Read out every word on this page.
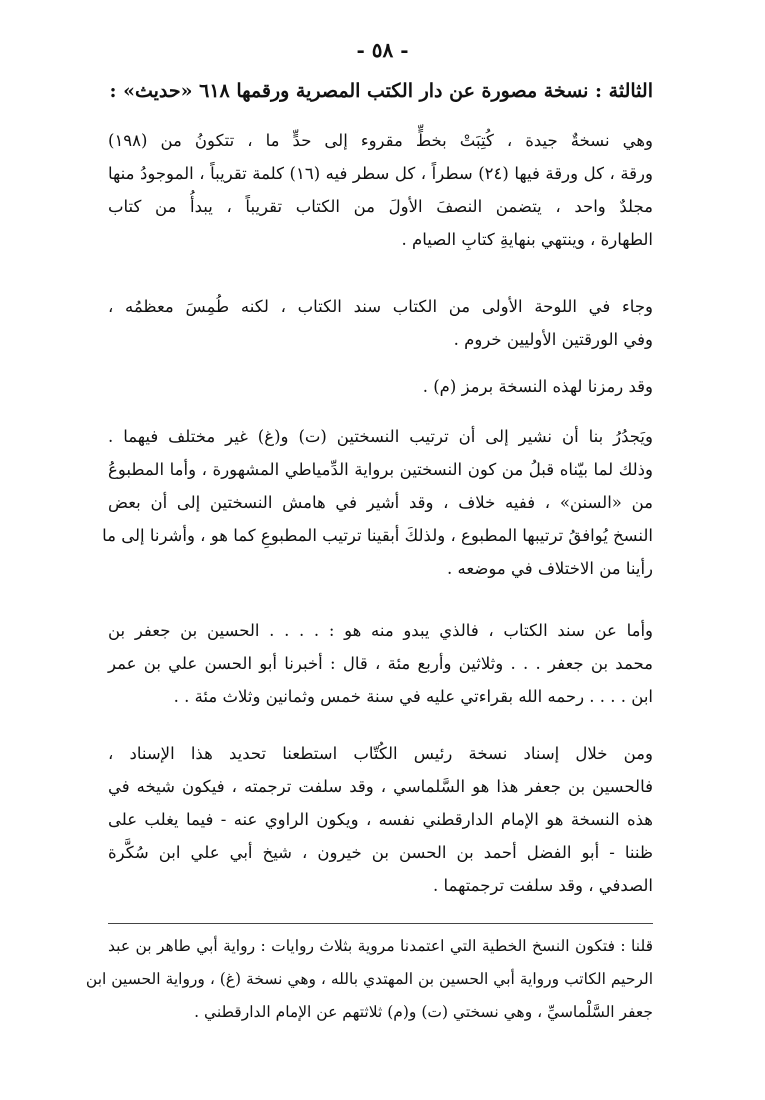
- ٥٨ -
الثالثة : نسخة مصورة عن دار الكتب المصرية ورقمها ٦١٨ «حديث» :
وهي نسخةٌ جيدة ، كُتِبَتْ بخطٍّ مقروء إلى حدٍّ ما ، تتكونُ من (١٩٨)
ورقة ، كل ورقة فيها (٢٤) سطراً ، كل سطر فيه (١٦) كلمة تقريباً ، الموجودُ منها
مجلدٌ واحد ، يتضمن النصفَ الأولَ من الكتاب تقريباً ، يبدأُ من كتاب
الطهارة ، وينتهي بنهايةِ كتابِ الصيام .
وجاء في اللوحة الأولى من الكتاب سند الكتاب ، لكنه طُمِسَ معظمُه ،
وفي الورقتين الأوليين خروم .
وقد رمزنا لهذه النسخة برمز (م) .
ويَجدُرُ بنا أن نشير إلى أن ترتيب النسختين (ت) و(غ) غير مختلف فيهما .
وذلك لما بيّناه قبلُ من كون النسختين برواية الدِّمياطي المشهورة ، وأما المطبوعُ
من «السنن» ، ففيه خلاف ، وقد أشير في هامش النسختين إلى أن بعض
النسخ يُوافقُ ترتيبها المطبوع ، ولذلكَ أبقينا ترتيب المطبوعِ كما هو ، وأشرنا إلى ما
رأينا من الاختلاف في موضعه .
وأما عن سند الكتاب ، فالذي يبدو منه هو : . . . . الحسين بن جعفر بن
محمد بن جعفر . . . وثلاثين وأربع مئة ، قال : أخبرنا أبو الحسن علي بن عمر
ابن . . . . رحمه الله بقراءتي عليه في سنة خمس وثمانين وثلاث مئة . .
ومن خلال إسناد نسخة رئيس الكُتّاب استطعنا تحديد هذا الإسناد ،
فالحسين بن جعفر هذا هو السَّلماسي ، وقد سلفت ترجمته ، فيكون شيخه في
هذه النسخة هو الإمام الدارقطني نفسه ، ويكون الراوي عنه - فيما يغلب على
ظننا - أبو الفضل أحمد بن الحسن بن خيرون ، شيخ أبي علي ابن سُكَّرة
الصدفي ، وقد سلفت ترجمتهما .
قلنا : فتكون النسخ الخطية التي اعتمدنا مروية بثلاث روايات : رواية أبي طاهر بن عبد
الرحيم الكاتب ورواية أبي الحسين بن المهتدي بالله ، وهي نسخة (غ) ، ورواية الحسين ابن
جعفر السَّلْماسيِّ ، وهي نسختي (ت) و(م) ثلاثتهم عن الإمام الدارقطني .
